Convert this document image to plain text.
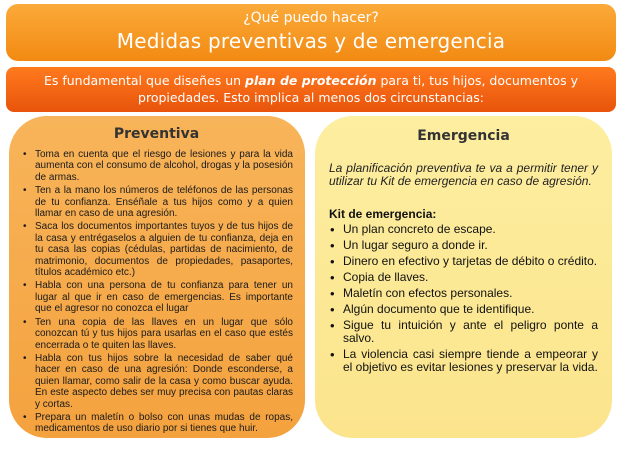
¿Qué puedo hacer?
Medidas preventivas y de emergencia
Es fundamental que diseñes un plan de protección para ti, tus hijos, documentos y propiedades. Esto implica al menos dos circunstancias:
Preventiva
• Toma en cuenta que el riesgo de lesiones y para la vida aumenta con el consumo de alcohol, drogas y la posesión de armas.
• Ten a la mano los números de teléfonos de las personas de tu confianza. Enséñale a tus hijos como y a quien llamar en caso de una agresión.
• Saca los documentos importantes tuyos y de tus hijos de la casa y entrégaselos a alguien de tu confianza, deja en tu casa las copias (cédulas, partidas de nacimiento, de matrimonio, documentos de propiedades, pasaportes, títulos académico etc.)
• Habla con una persona de tu confianza para tener un lugar al que ir en caso de emergencias. Es importante que el agresor no conozca el lugar
• Ten una copia de las llaves en un lugar que sólo conozcan tú y tus hijos para usarlas en el caso que estés encerrada o te quiten las llaves.
• Habla con tus hijos sobre la necesidad de saber qué hacer en caso de una agresión: Donde esconderse, a quien llamar, como salir de la casa y como buscar ayuda. En este aspecto debes ser muy precisa con pautas claras y cortas.
• Prepara un maletín o bolso con unas mudas de ropas, medicamentos de uso diario por si tienes que huir.
Emergencia

La planificación preventiva te va a permitir tener y utilizar tu Kit de emergencia en caso de agresión.

Kit de emergencia:
• Un plan concreto de escape.
• Un lugar seguro a donde ir.
• Dinero en efectivo y tarjetas de débito o crédito.
• Copia de llaves.
• Maletín con efectos personales.
• Algún documento que te identifique.
• Sigue tu intuición y ante el peligro ponte a salvo.
• La violencia casi siempre tiende a empeorar y el objetivo es evitar lesiones y preservar la vida.
